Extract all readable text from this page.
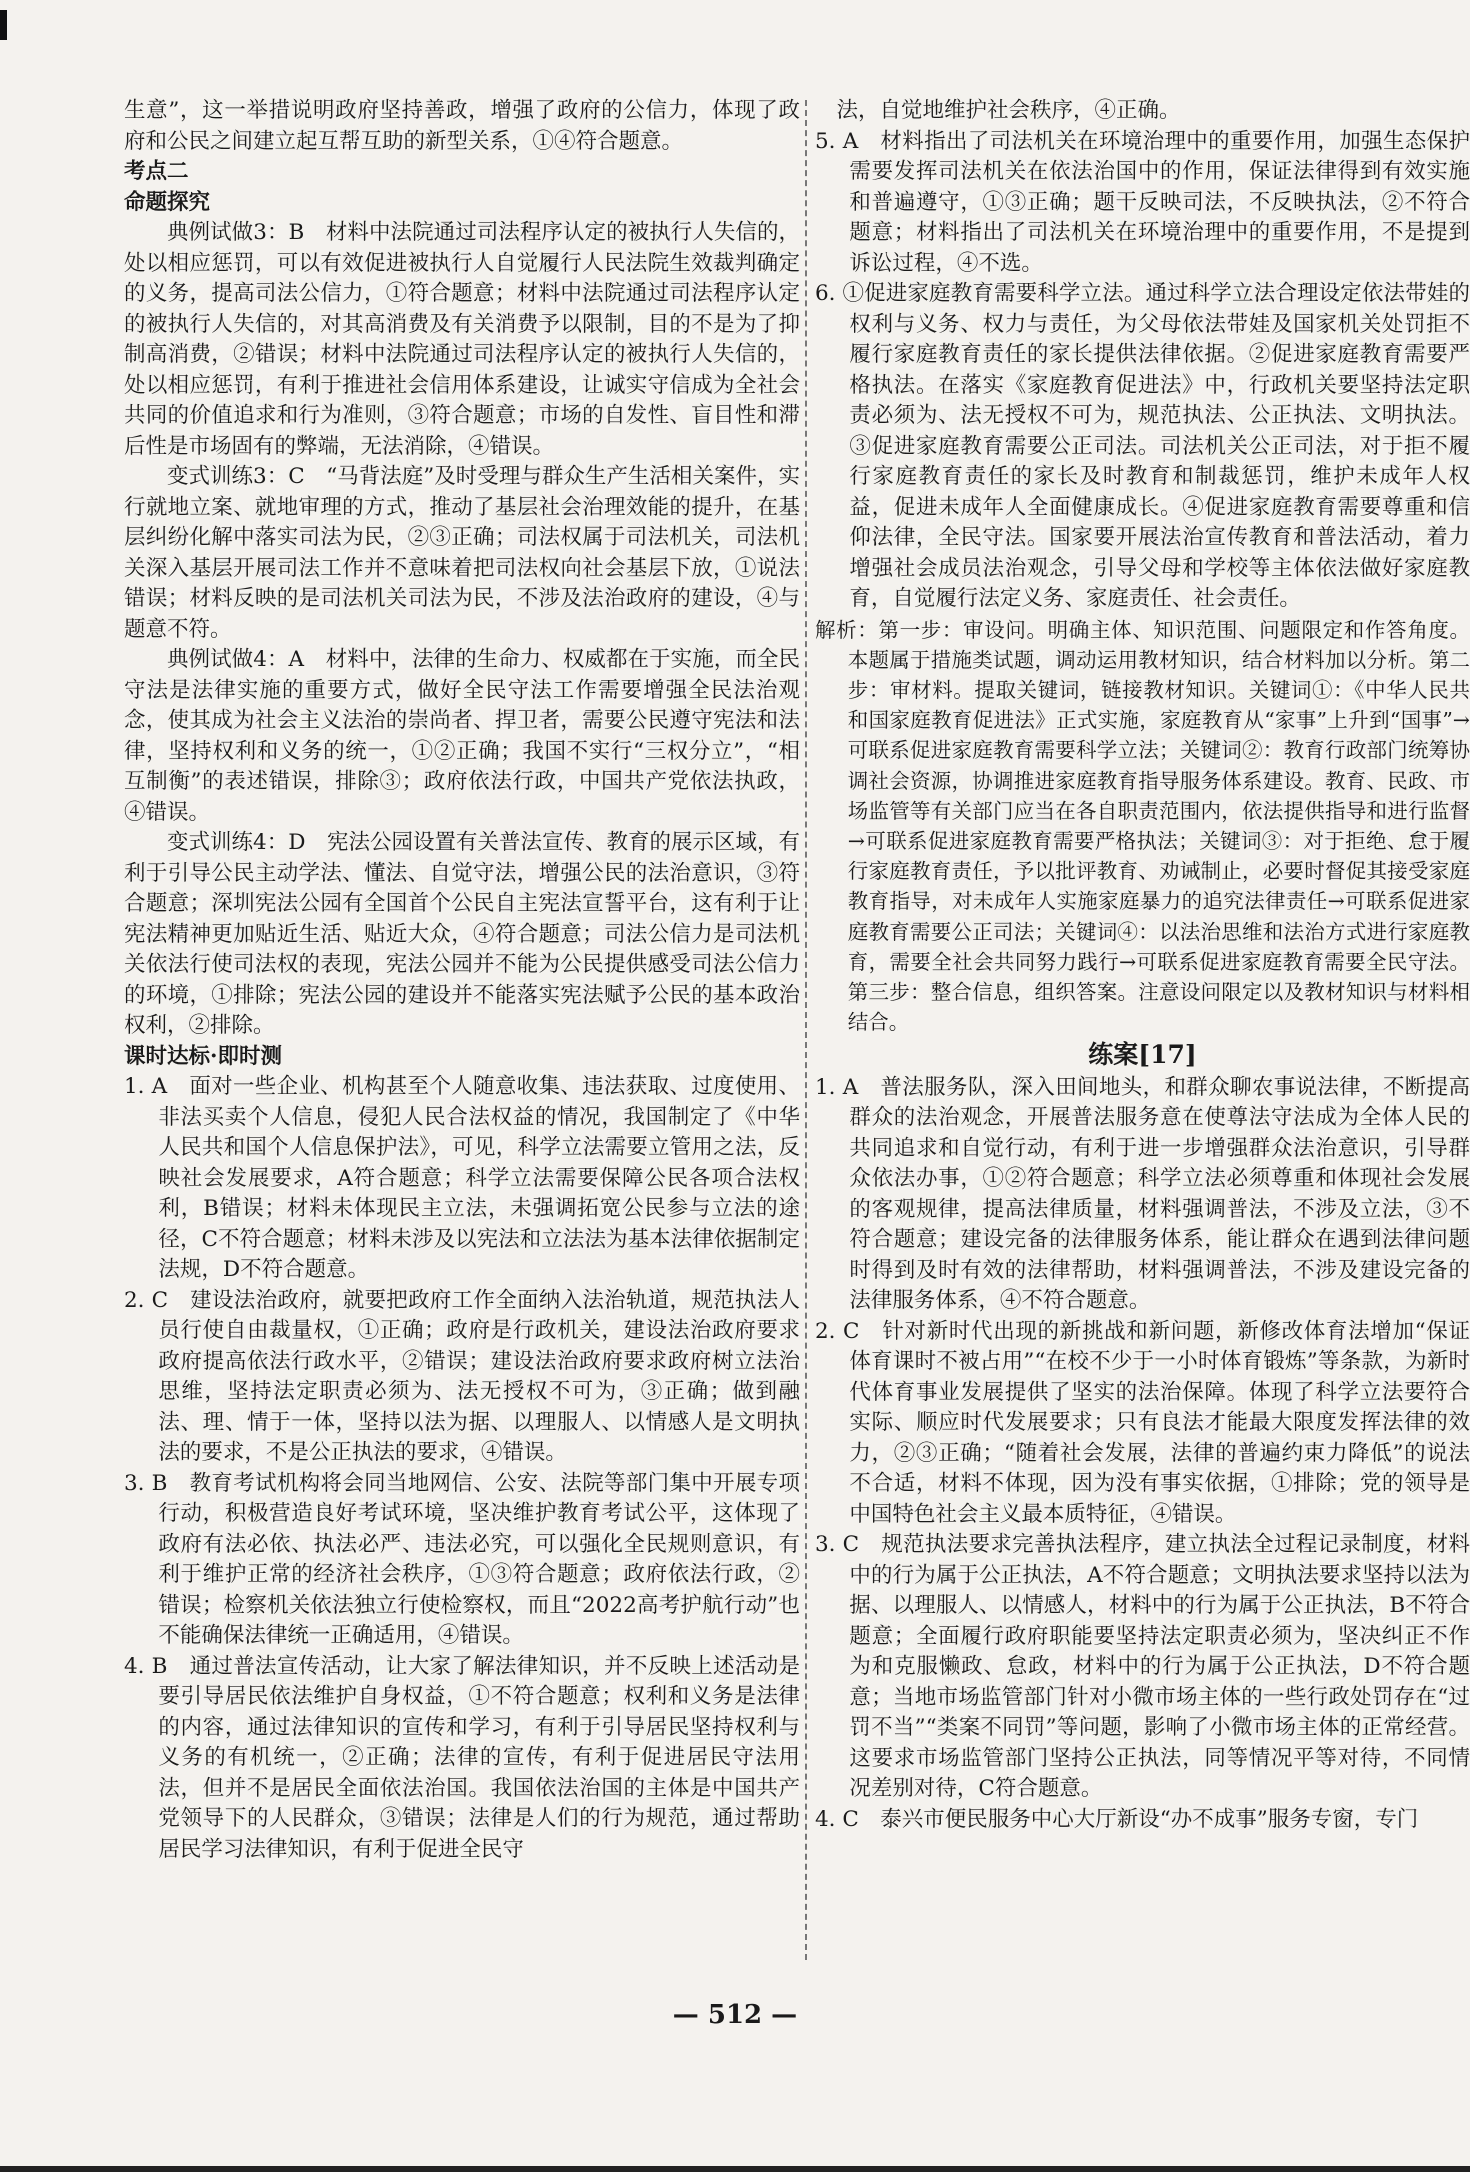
生意”，这一举措说明政府坚持善政，增强了政府的公信力，体现了政府和公民之间建立起互帮互助的新型关系，①④符合题意。

考点二

命题探究

典例试做3：B　材料中法院通过司法程序认定的被执行人失信的，处以相应惩罚，可以有效促进被执行人自觉履行人民法院生效裁判确定的义务，提高司法公信力，①符合题意；材料中法院通过司法程序认定的被执行人失信的，对其高消费及有关消费予以限制，目的不是为了抑制高消费，②错误；材料中法院通过司法程序认定的被执行人失信的，处以相应惩罚，有利于推进社会信用体系建设，让诚实守信成为全社会共同的价值追求和行为准则，③符合题意；市场的自发性、盲目性和滞后性是市场固有的弊端，无法消除，④错误。

变式训练3：C　“马背法庭”及时受理与群众生产生活相关案件，实行就地立案、就地审理的方式，推动了基层社会治理效能的提升，在基层纠纷化解中落实司法为民，②③正确；司法权属于司法机关，司法机关深入基层开展司法工作并不意味着把司法权向社会基层下放，①说法错误；材料反映的是司法机关司法为民，不涉及法治政府的建设，④与题意不符。

典例试做4：A　材料中，法律的生命力、权威都在于实施，而全民守法是法律实施的重要方式，做好全民守法工作需要增强全民法治观念，使其成为社会主义法治的崇尚者、捍卫者，需要公民遵守宪法和法律，坚持权利和义务的统一，①②正确；我国不实行“三权分立”，“相互制衡”的表述错误，排除③；政府依法行政，中国共产党依法执政，④错误。

变式训练4：D　宪法公园设置有关普法宣传、教育的展示区域，有利于引导公民主动学法、懂法、自觉守法，增强公民的法治意识，③符合题意；深圳宪法公园有全国首个公民自主宪法宣誓平台，这有利于让宪法精神更加贴近生活、贴近大众，④符合题意；司法公信力是司法机关依法行使司法权的表现，宪法公园并不能为公民提供感受司法公信力的环境，①排除；宪法公园的建设并不能落实宪法赋予公民的基本政治权利，②排除。

课时达标·即时测

1. A　面对一些企业、机构甚至个人随意收集、违法获取、过度使用、非法买卖个人信息，侵犯人民合法权益的情况，我国制定了《中华人民共和国个人信息保护法》，可见，科学立法需要立管用之法，反映社会发展要求，A符合题意；科学立法需要保障公民各项合法权利，B错误；材料未体现民主立法，未强调拓宽公民参与立法的途径，C不符合题意；材料未涉及以宪法和立法法为基本法律依据制定法规，D不符合题意。

2. C　建设法治政府，就要把政府工作全面纳入法治轨道，规范执法人员行使自由裁量权，①正确；政府是行政机关，建设法治政府要求政府提高依法行政水平，②错误；建设法治政府要求政府树立法治思维，坚持法定职责必须为、法无授权不可为，③正确；做到融法、理、情于一体，坚持以法为据、以理服人、以情感人是文明执法的要求，不是公正执法的要求，④错误。

3. B　教育考试机构将会同当地网信、公安、法院等部门集中开展专项行动，积极营造良好考试环境，坚决维护教育考试公平，这体现了政府有法必依、执法必严、违法必究，可以强化全民规则意识，有利于维护正常的经济社会秩序，①③符合题意；政府依法行政，②错误；检察机关依法独立行使检察权，而且“2022高考护航行动”也不能确保法律统一正确适用，④错误。

4. B　通过普法宣传活动，让大家了解法律知识，并不反映上述活动是要引导居民依法维护自身权益，①不符合题意；权利和义务是法律的内容，通过法律知识的宣传和学习，有利于引导居民坚持权利与义务的有机统一，②正确；法律的宣传，有利于促进居民守法用法，但并不是居民全面依法治国。我国依法治国的主体是中国共产党领导下的人民群众，③错误；法律是人们的行为规范，通过帮助居民学习法律知识，有利于促进全民守

　法，自觉地维护社会秩序，④正确。

5. A　材料指出了司法机关在环境治理中的重要作用，加强生态保护需要发挥司法机关在依法治国中的作用，保证法律得到有效实施和普遍遵守，①③正确；题干反映司法，不反映执法，②不符合题意；材料指出了司法机关在环境治理中的重要作用，不是提到诉讼过程，④不选。

6. ①促进家庭教育需要科学立法。通过科学立法合理设定依法带娃的权利与义务、权力与责任，为父母依法带娃及国家机关处罚拒不履行家庭教育责任的家长提供法律依据。②促进家庭教育需要严格执法。在落实《家庭教育促进法》中，行政机关要坚持法定职责必须为、法无授权不可为，规范执法、公正执法、文明执法。③促进家庭教育需要公正司法。司法机关公正司法，对于拒不履行家庭教育责任的家长及时教育和制裁惩罚，维护未成年人权益，促进未成年人全面健康成长。④促进家庭教育需要尊重和信仰法律，全民守法。国家要开展法治宣传教育和普法活动，着力增强社会成员法治观念，引导父母和学校等主体依法做好家庭教育，自觉履行法定义务、家庭责任、社会责任。

解析：第一步：审设问。明确主体、知识范围、问题限定和作答角度。本题属于措施类试题，调动运用教材知识，结合材料加以分析。第二步：审材料。提取关键词，链接教材知识。关键词①：《中华人民共和国家庭教育促进法》正式实施，家庭教育从“家事”上升到“国事”→可联系促进家庭教育需要科学立法；关键词②：教育行政部门统筹协调社会资源，协调推进家庭教育指导服务体系建设。教育、民政、市场监管等有关部门应当在各自职责范围内，依法提供指导和进行监督→可联系促进家庭教育需要严格执法；关键词③：对于拒绝、怠于履行家庭教育责任，予以批评教育、劝诫制止，必要时督促其接受家庭教育指导，对未成年人实施家庭暴力的追究法律责任→可联系促进家庭教育需要公正司法；关键词④：以法治思维和法治方式进行家庭教育，需要全社会共同努力践行→可联系促进家庭教育需要全民守法。第三步：整合信息，组织答案。注意设问限定以及教材知识与材料相结合。

练案[17]

1. A　普法服务队，深入田间地头，和群众聊农事说法律，不断提高群众的法治观念，开展普法服务意在使尊法守法成为全体人民的共同追求和自觉行动，有利于进一步增强群众法治意识，引导群众依法办事，①②符合题意；科学立法必须尊重和体现社会发展的客观规律，提高法律质量，材料强调普法，不涉及立法，③不符合题意；建设完备的法律服务体系，能让群众在遇到法律问题时得到及时有效的法律帮助，材料强调普法，不涉及建设完备的法律服务体系，④不符合题意。

2. C　针对新时代出现的新挑战和新问题，新修改体育法增加“保证体育课时不被占用”“在校不少于一小时体育锻炼”等条款，为新时代体育事业发展提供了坚实的法治保障。体现了科学立法要符合实际、顺应时代发展要求；只有良法才能最大限度发挥法律的效力，②③正确；“随着社会发展，法律的普遍约束力降低”的说法不合适，材料不体现，因为没有事实依据，①排除；党的领导是中国特色社会主义最本质特征，④错误。

3. C　规范执法要求完善执法程序，建立执法全过程记录制度，材料中的行为属于公正执法，A不符合题意；文明执法要求坚持以法为据、以理服人、以情感人，材料中的行为属于公正执法，B不符合题意；全面履行政府职能要坚持法定职责必须为，坚决纠正不作为和克服懒政、怠政，材料中的行为属于公正执法，D不符合题意；当地市场监管部门针对小微市场主体的一些行政处罚存在“过罚不当”“类案不同罚”等问题，影响了小微市场主体的正常经营。这要求市场监管部门坚持公正执法，同等情况平等对待，不同情况差别对待，C符合题意。

4. C　泰兴市便民服务中心大厅新设“办不成事”服务专窗，专门

— 512 —
